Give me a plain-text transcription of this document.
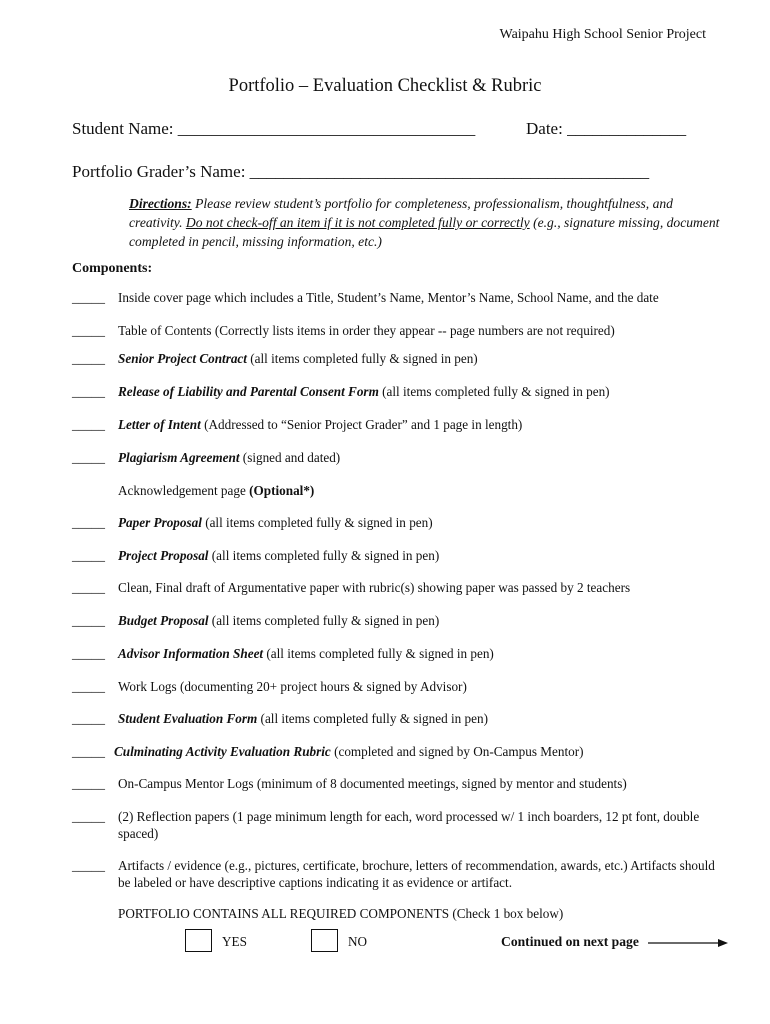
Waipahu High School Senior Project
Portfolio – Evaluation Checklist & Rubric
Student Name: ___________________________________	Date: ______________
Portfolio Grader’s Name: _______________________________________________
Directions: Please review student’s portfolio for completeness, professionalism, thoughtfulness, and creativity. Do not check-off an item if it is not completed fully or correctly (e.g., signature missing, document completed in pencil, missing information, etc.)
Components:
_____ Inside cover page which includes a Title, Student’s Name, Mentor’s Name, School Name, and the date
_____ Table of Contents (Correctly lists items in order they appear -- page numbers are not required)
_____ Senior Project Contract (all items completed fully & signed in pen)
_____ Release of Liability and Parental Consent Form (all items completed fully & signed in pen)
_____ Letter of Intent (Addressed to “Senior Project Grader” and 1 page in length)
_____ Plagiarism Agreement (signed and dated)
Acknowledgement page (Optional*)
_____ Paper Proposal (all items completed fully & signed in pen)
_____ Project Proposal (all items completed fully & signed in pen)
_____ Clean, Final draft of Argumentative paper with rubric(s) showing paper was passed by 2 teachers
_____ Budget Proposal (all items completed fully & signed in pen)
_____ Advisor Information Sheet (all items completed fully & signed in pen)
_____ Work Logs (documenting 20+ project hours & signed by Advisor)
_____ Student Evaluation Form (all items completed fully & signed in pen)
_____ Culminating Activity Evaluation Rubric (completed and signed by On-Campus Mentor)
_____ On-Campus Mentor Logs (minimum of 8 documented meetings, signed by mentor and students)
_____ (2) Reflection papers (1 page minimum length for each, word processed w/ 1 inch boarders, 12 pt font, double spaced)
_____ Artifacts / evidence (e.g., pictures, certificate, brochure, letters of recommendation, awards, etc.) Artifacts should be labeled or have descriptive captions indicating it as evidence or artifact.
PORTFOLIO CONTAINS ALL REQUIRED COMPONENTS (Check 1 box below)
YES	NO	Continued on next page
